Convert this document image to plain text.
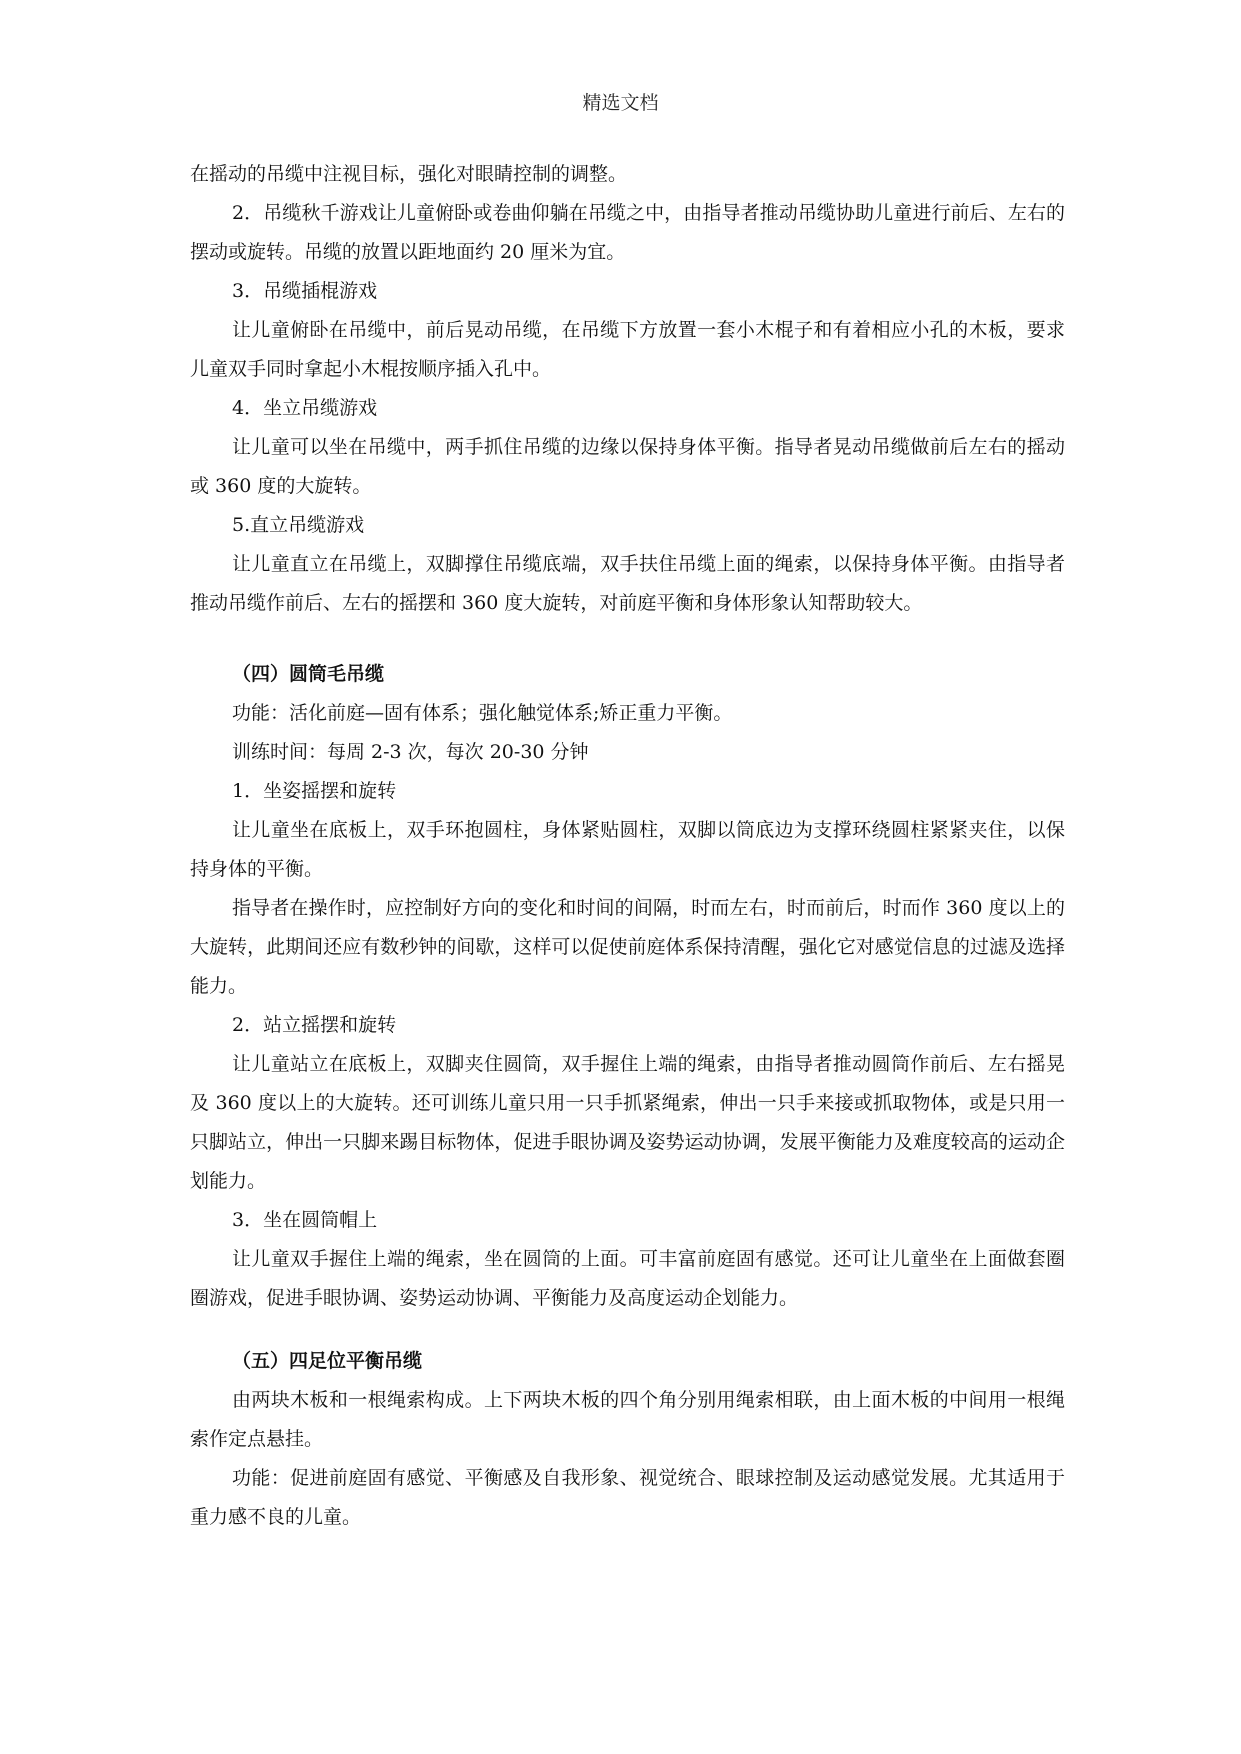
精选文档

在摇动的吊缆中注视目标，强化对眼睛控制的调整。

2．吊缆秋千游戏让儿童俯卧或卷曲仰躺在吊缆之中，由指导者推动吊缆协助儿童进行前后、左右的摆动或旋转。吊缆的放置以距地面约 20 厘米为宜。

3．吊缆插棍游戏

让儿童俯卧在吊缆中，前后晃动吊缆，在吊缆下方放置一套小木棍子和有着相应小孔的木板，要求儿童双手同时拿起小木棍按顺序插入孔中。

4．坐立吊缆游戏

让儿童可以坐在吊缆中，两手抓住吊缆的边缘以保持身体平衡。指导者晃动吊缆做前后左右的摇动或 360 度的大旋转。

5.直立吊缆游戏

让儿童直立在吊缆上，双脚撑住吊缆底端，双手扶住吊缆上面的绳索，以保持身体平衡。由指导者推动吊缆作前后、左右的摇摆和 360 度大旋转，对前庭平衡和身体形象认知帮助较大。

（四）圆筒毛吊缆

功能：活化前庭—固有体系；强化触觉体系;矫正重力平衡。

训练时间：每周 2-3 次，每次 20-30 分钟

1．坐姿摇摆和旋转

让儿童坐在底板上，双手环抱圆柱，身体紧贴圆柱，双脚以筒底边为支撑环绕圆柱紧紧夹住，以保持身体的平衡。

指导者在操作时，应控制好方向的变化和时间的间隔，时而左右，时而前后，时而作 360 度以上的大旋转，此期间还应有数秒钟的间歇，这样可以促使前庭体系保持清醒，强化它对感觉信息的过滤及选择能力。

2．站立摇摆和旋转

让儿童站立在底板上，双脚夹住圆筒，双手握住上端的绳索，由指导者推动圆筒作前后、左右摇晃及 360 度以上的大旋转。还可训练儿童只用一只手抓紧绳索，伸出一只手来接或抓取物体，或是只用一只脚站立，伸出一只脚来踢目标物体，促进手眼协调及姿势运动协调，发展平衡能力及难度较高的运动企划能力。

3．坐在圆筒帽上

让儿童双手握住上端的绳索，坐在圆筒的上面。可丰富前庭固有感觉。还可让儿童坐在上面做套圈圈游戏，促进手眼协调、姿势运动协调、平衡能力及高度运动企划能力。

（五）四足位平衡吊缆

由两块木板和一根绳索构成。上下两块木板的四个角分别用绳索相联，由上面木板的中间用一根绳索作定点悬挂。

功能：促进前庭固有感觉、平衡感及自我形象、视觉统合、眼球控制及运动感觉发展。尤其适用于重力感不良的儿童。
